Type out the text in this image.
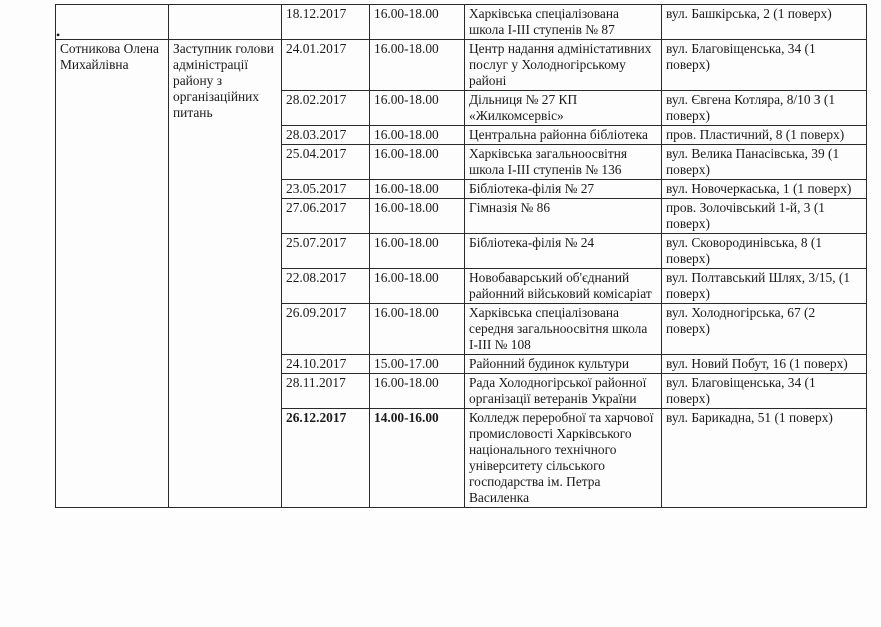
•
		18.12.2017	16.00-18.00	Харківська спеціалізована школа І-ІІІ ступенів № 87	вул. Башкірська, 2 (1 поверх)
Сотникова Олена Михайлівна	Заступник голови адміністрації району з організаційних питань	24.01.2017	16.00-18.00	Центр надання адміністативних послуг у Холодногірському районі	вул. Благовіщенська, 34 (1 поверх)
		28.02.2017	16.00-18.00	Дільниця № 27 КП «Жилкомсервіс»	вул. Євгена Котляра, 8/10 З (1 поверх)
		28.03.2017	16.00-18.00	Центральна районна бібліотека	пров. Пластичний, 8 (1 поверх)
		25.04.2017	16.00-18.00	Харківська загальноосвітня школа І-ІІІ ступенів № 136	вул. Велика Панасівська, 39 (1 поверх)
		23.05.2017	16.00-18.00	Бібліотека-філія № 27	вул. Новочеркаська, 1 (1 поверх)
		27.06.2017	16.00-18.00	Гімназія № 86	пров. Золочівський 1-й, 3 (1 поверх)
		25.07.2017	16.00-18.00	Бібліотека-філія № 24	вул. Сковородинівська, 8 (1 поверх)
		22.08.2017	16.00-18.00	Новобаварський об'єднаний районний військовий комісаріат	вул. Полтавський Шлях, 3/15, (1 поверх)
		26.09.2017	16.00-18.00	Харківська спеціалізована середня загальноосвітня школа І-ІІІ № 108	вул. Холодногірська, 67 (2 поверх)
		24.10.2017	15.00-17.00	Районний будинок культури	вул. Новий Побут, 16 (1 поверх)
		28.11.2017	16.00-18.00	Рада Холодногірської районної організації ветеранів України	вул. Благовіщенська, 34 (1 поверх)
		26.12.2017	14.00-16.00	Колледж переробної та харчової промисловості Харківського національного технічного університету сільського господарства ім. Петра Василенка	вул. Барикадна, 51 (1 поверх)
